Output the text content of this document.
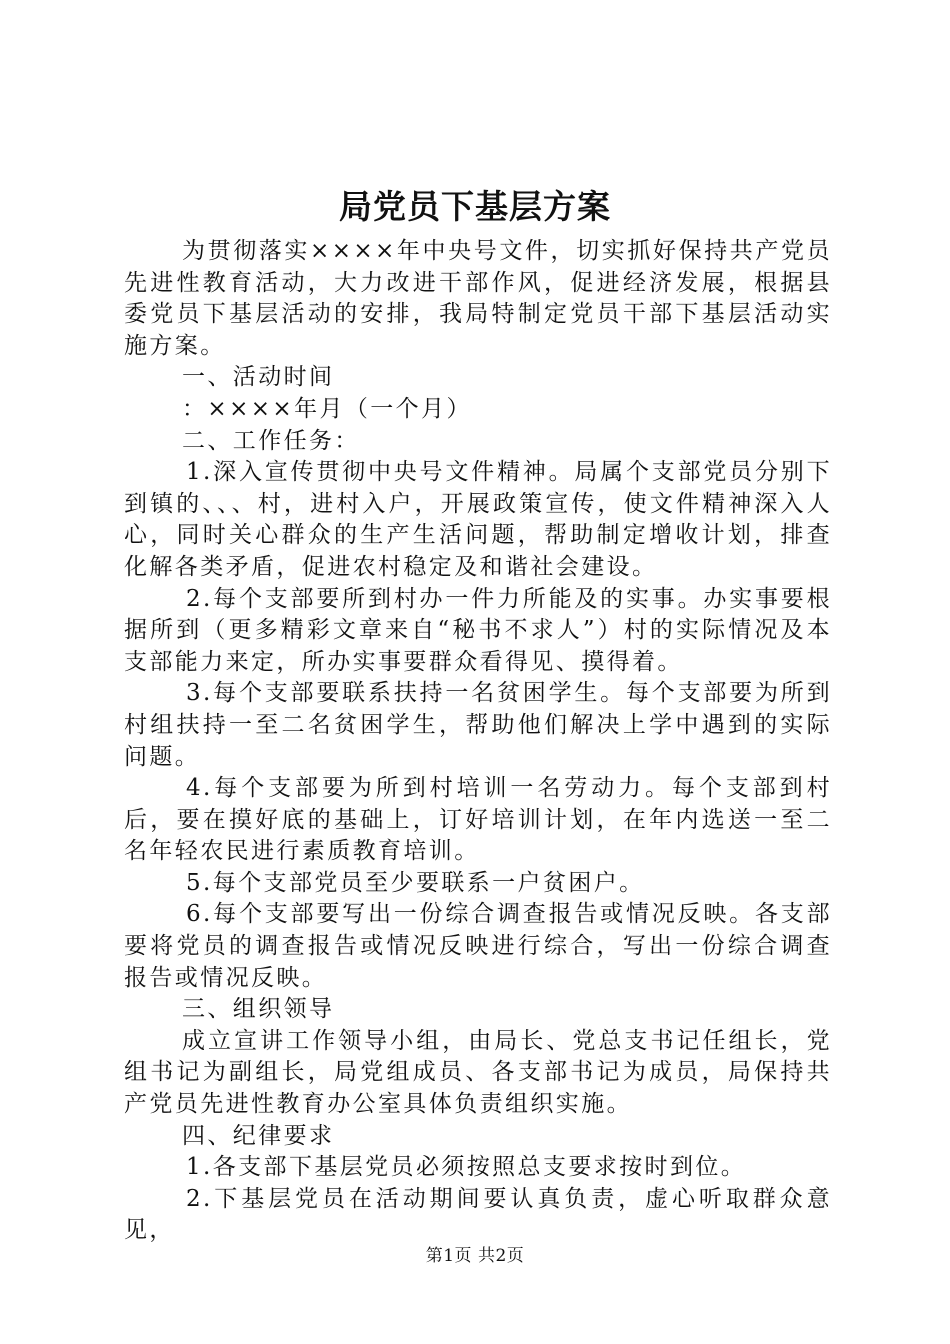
局党员下基层方案

为贯彻落实××××年中央号文件，切实抓好保持共产党员先进性教育活动，大力改进干部作风，促进经济发展，根据县委党员下基层活动的安排，我局特制定党员干部下基层活动实施方案。

一、活动时间

：××××年月（一个月）

二、工作任务：

1.深入宣传贯彻中央号文件精神。局属个支部党员分别下到镇的、、、村，进村入户，开展政策宣传，使文件精神深入人心，同时关心群众的生产生活问题，帮助制定增收计划，排查化解各类矛盾，促进农村稳定及和谐社会建设。

2.每个支部要所到村办一件力所能及的实事。办实事要根据所到（更多精彩文章来自“秘书不求人”）村的实际情况及本支部能力来定，所办实事要群众看得见、摸得着。

3.每个支部要联系扶持一名贫困学生。每个支部要为所到村组扶持一至二名贫困学生，帮助他们解决上学中遇到的实际问题。

4.每个支部要为所到村培训一名劳动力。每个支部到村后，要在摸好底的基础上，订好培训计划，在年内选送一至二名年轻农民进行素质教育培训。

5.每个支部党员至少要联系一户贫困户。

6.每个支部要写出一份综合调查报告或情况反映。各支部要将党员的调查报告或情况反映进行综合，写出一份综合调查报告或情况反映。

三、组织领导

成立宣讲工作领导小组，由局长、党总支书记任组长，党组书记为副组长，局党组成员、各支部书记为成员，局保持共产党员先进性教育办公室具体负责组织实施。

四、纪律要求

1.各支部下基层党员必须按照总支要求按时到位。

2.下基层党员在活动期间要认真负责，虚心听取群众意见，

第1页 共2页
